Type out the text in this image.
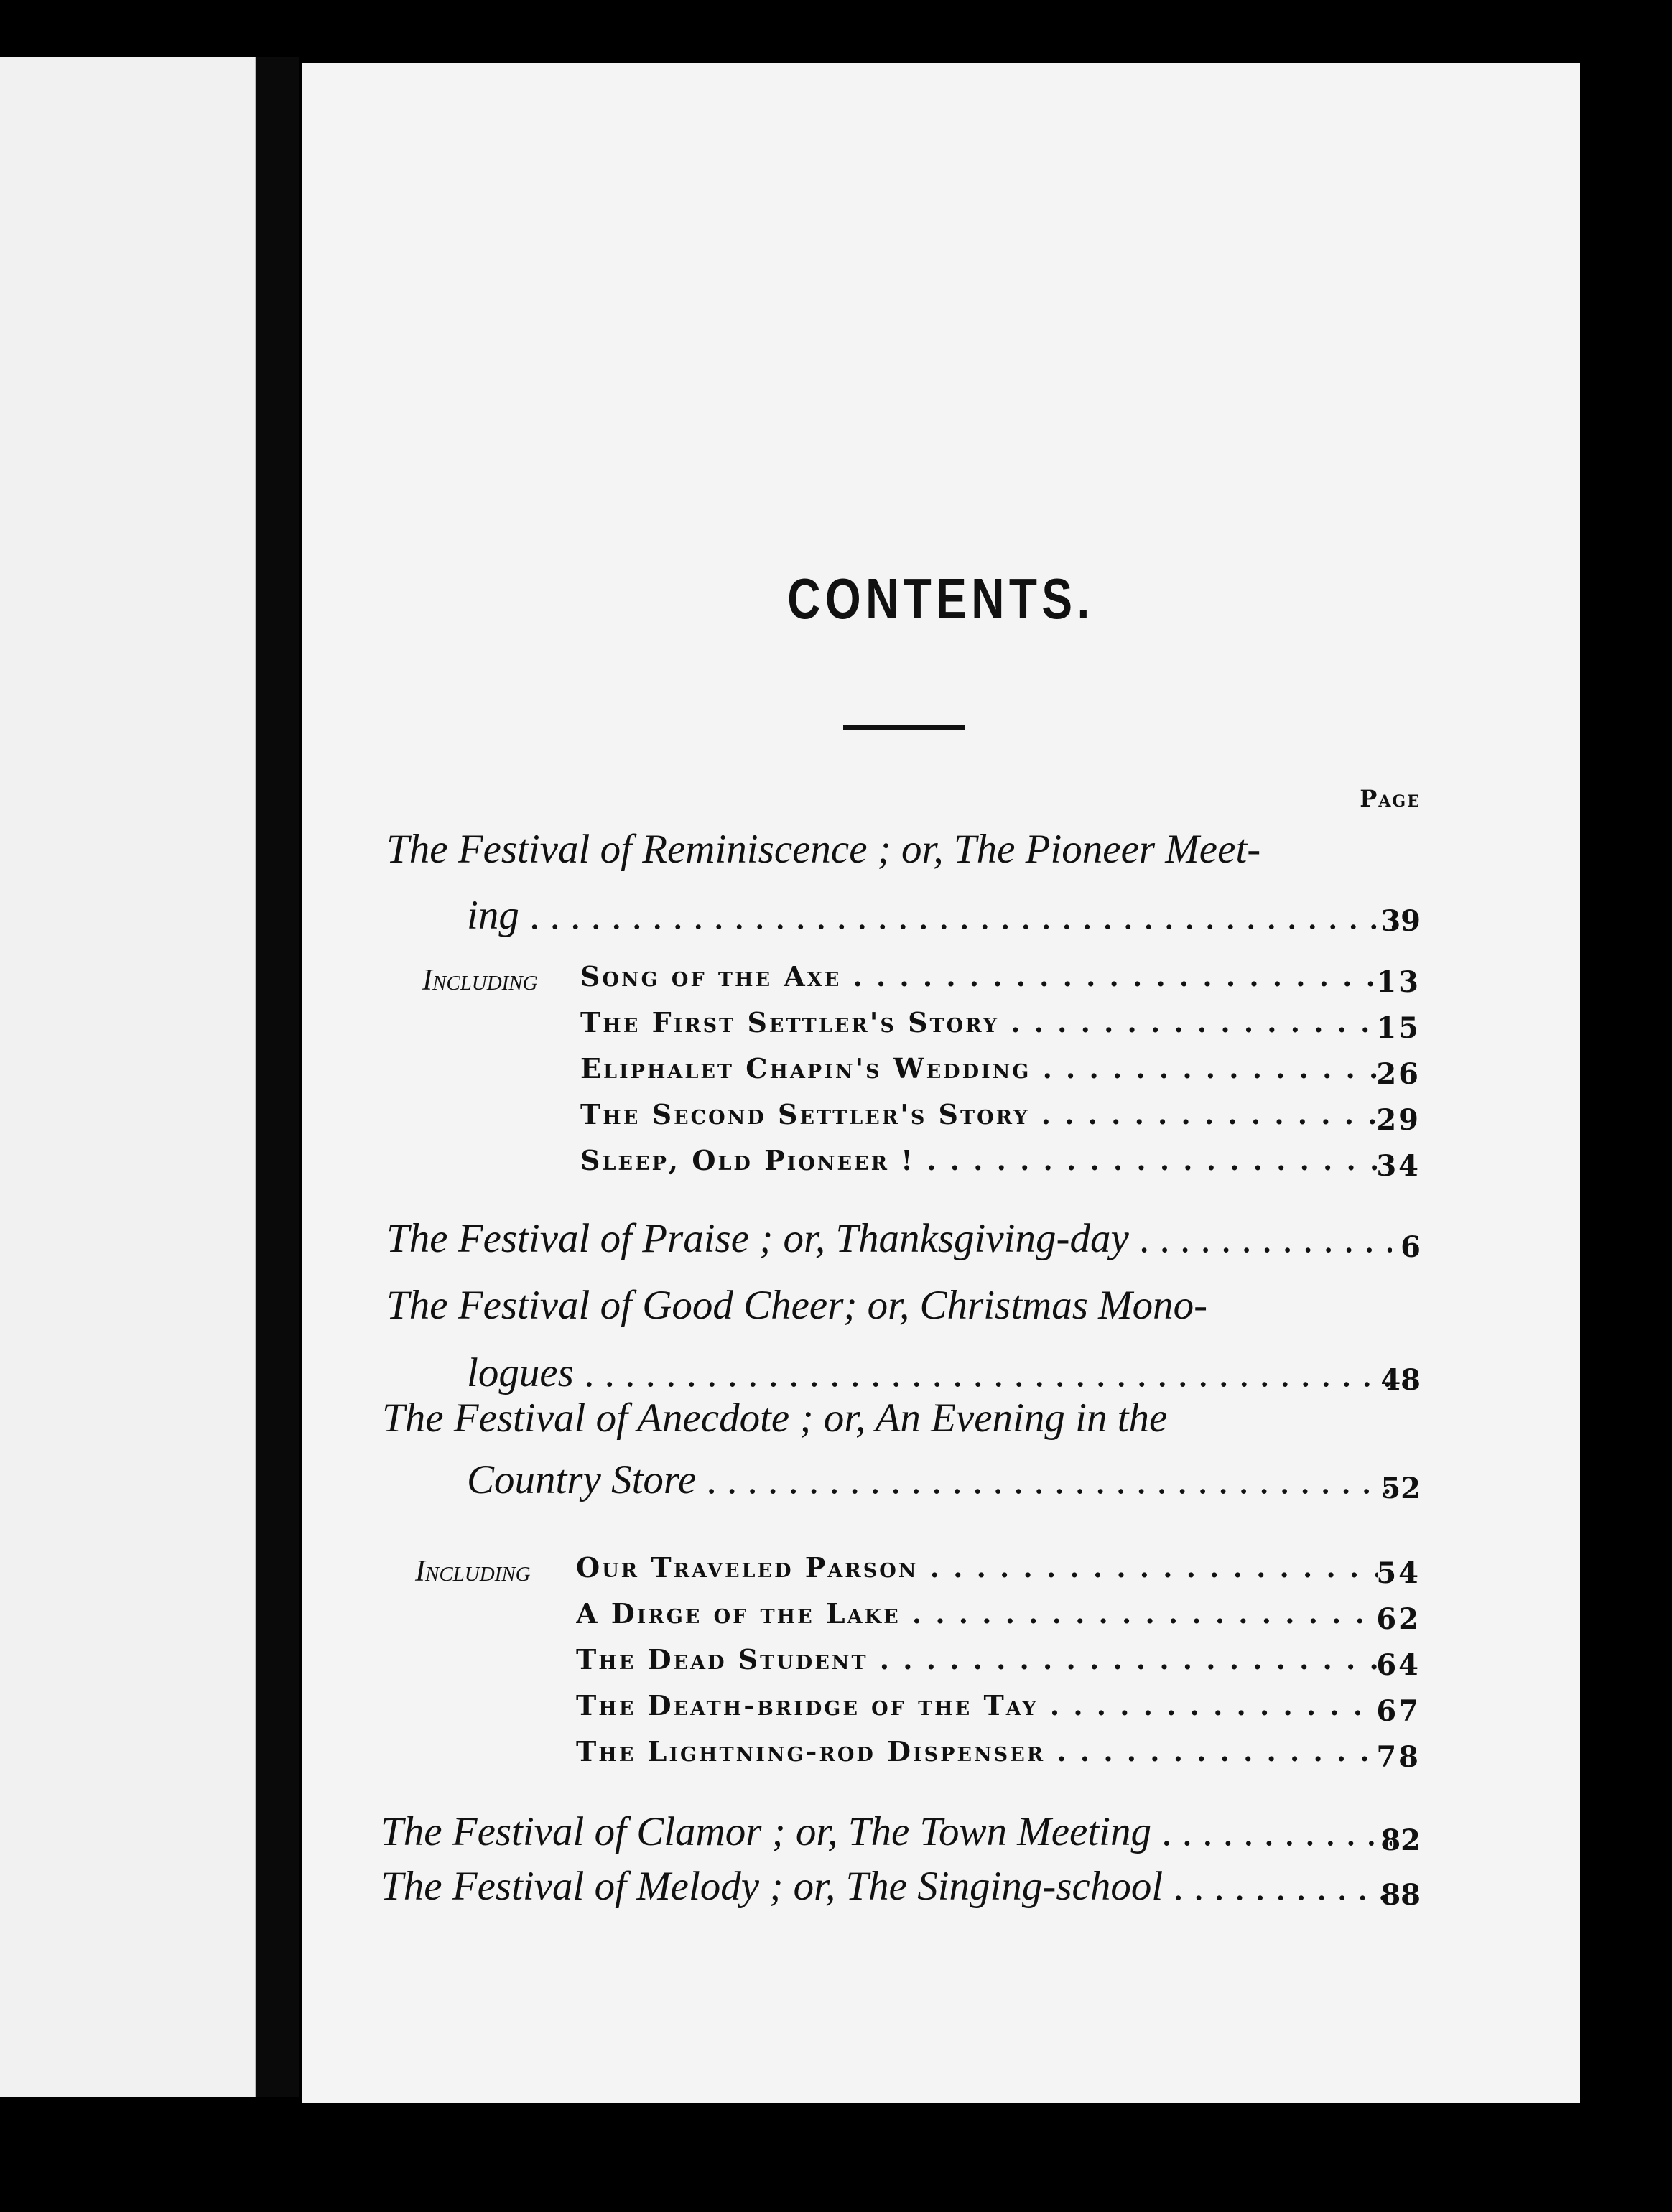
CONTENTS.
Page
The Festival of Reminiscence ; or, The Pioneer Meet-
ing . . .	39
Including Song of the Axe . . .	13
The First Settler's Story . . .	15
Eliphalet Chapin's Wedding . . .	26
The Second Settler's Story . . .	29
Sleep, Old Pioneer ! . . .	34
The Festival of Praise ; or, Thanksgiving-day . . .	6
The Festival of Good Cheer; or, Christmas Mono-
logues . . .	48
The Festival of Anecdote ; or, An Evening in the
Country Store . . .	52
Including Our Traveled Parson . . .	54
A Dirge of the Lake . . .	62
The Dead Student . . .	64
The Death-bridge of the Tay . . .	67
The Lightning-rod Dispenser . . .	78
The Festival of Clamor ; or, The Town Meeting . . .	82
The Festival of Melody ; or, The Singing-school . . .	88
